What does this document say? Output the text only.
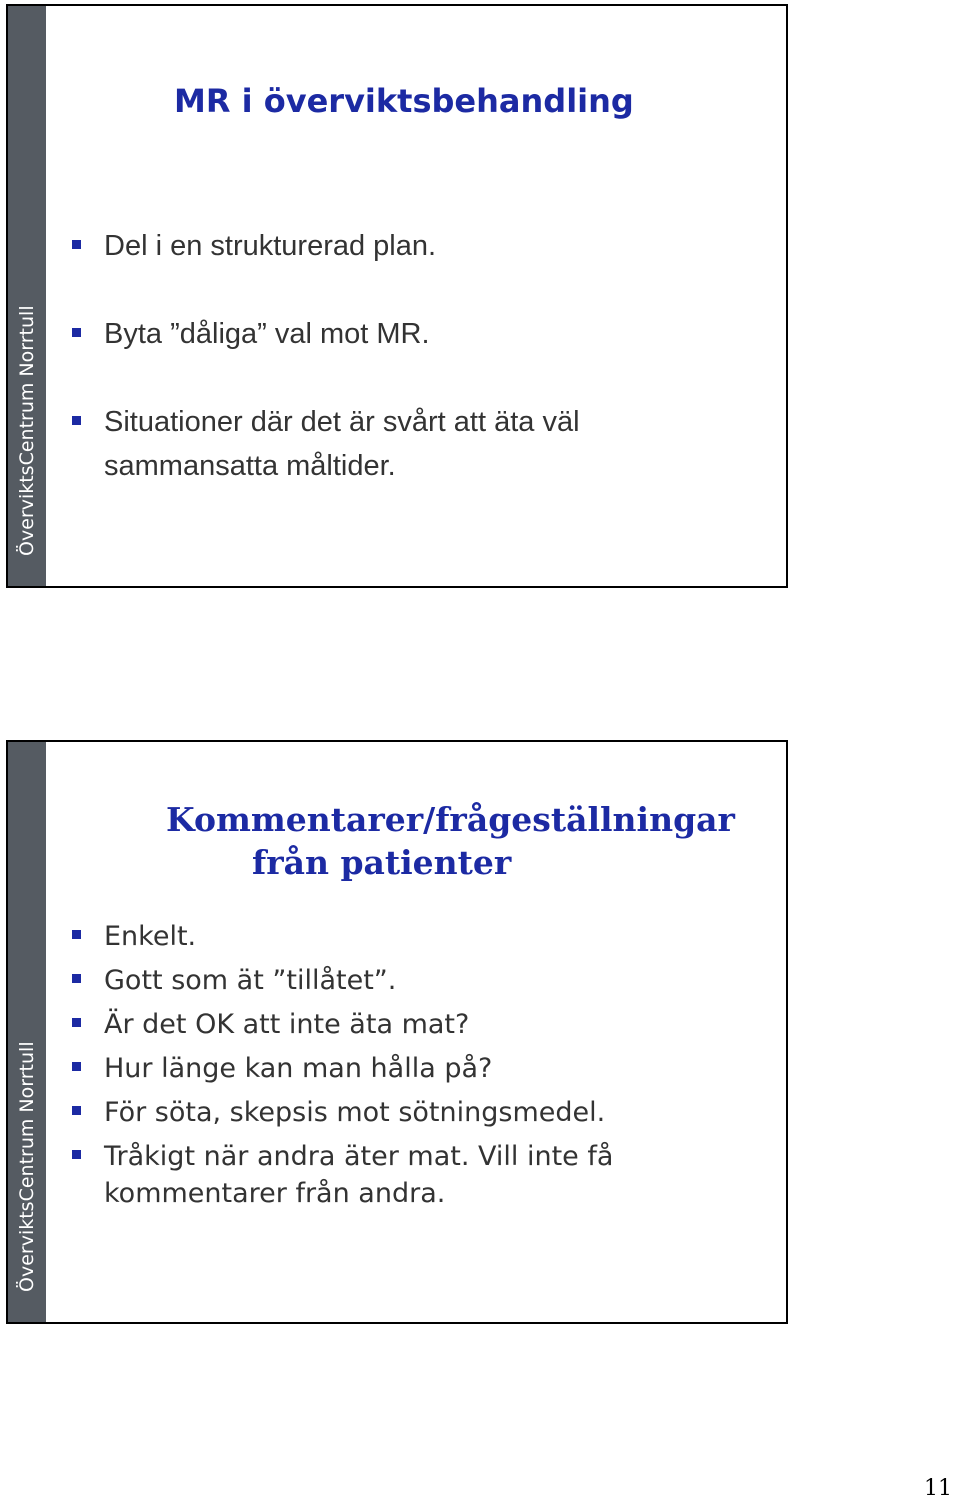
ÖverviktsCentrum Norrtull
MR i överviktsbehandling
Del i en strukturerad plan.
Byta ”dåliga” val mot MR.
Situationer där det är svårt att äta väl sammansatta måltider.
ÖverviktsCentrum Norrtull
Kommentarer/frågeställningar
från patienter
Enkelt.
Gott som ät ”tillåtet”.
Är det OK att inte äta mat?
Hur länge kan man hålla på?
För söta, skepsis mot sötningsmedel.
Tråkigt när andra äter mat. Vill inte få kommentarer från andra.
11
